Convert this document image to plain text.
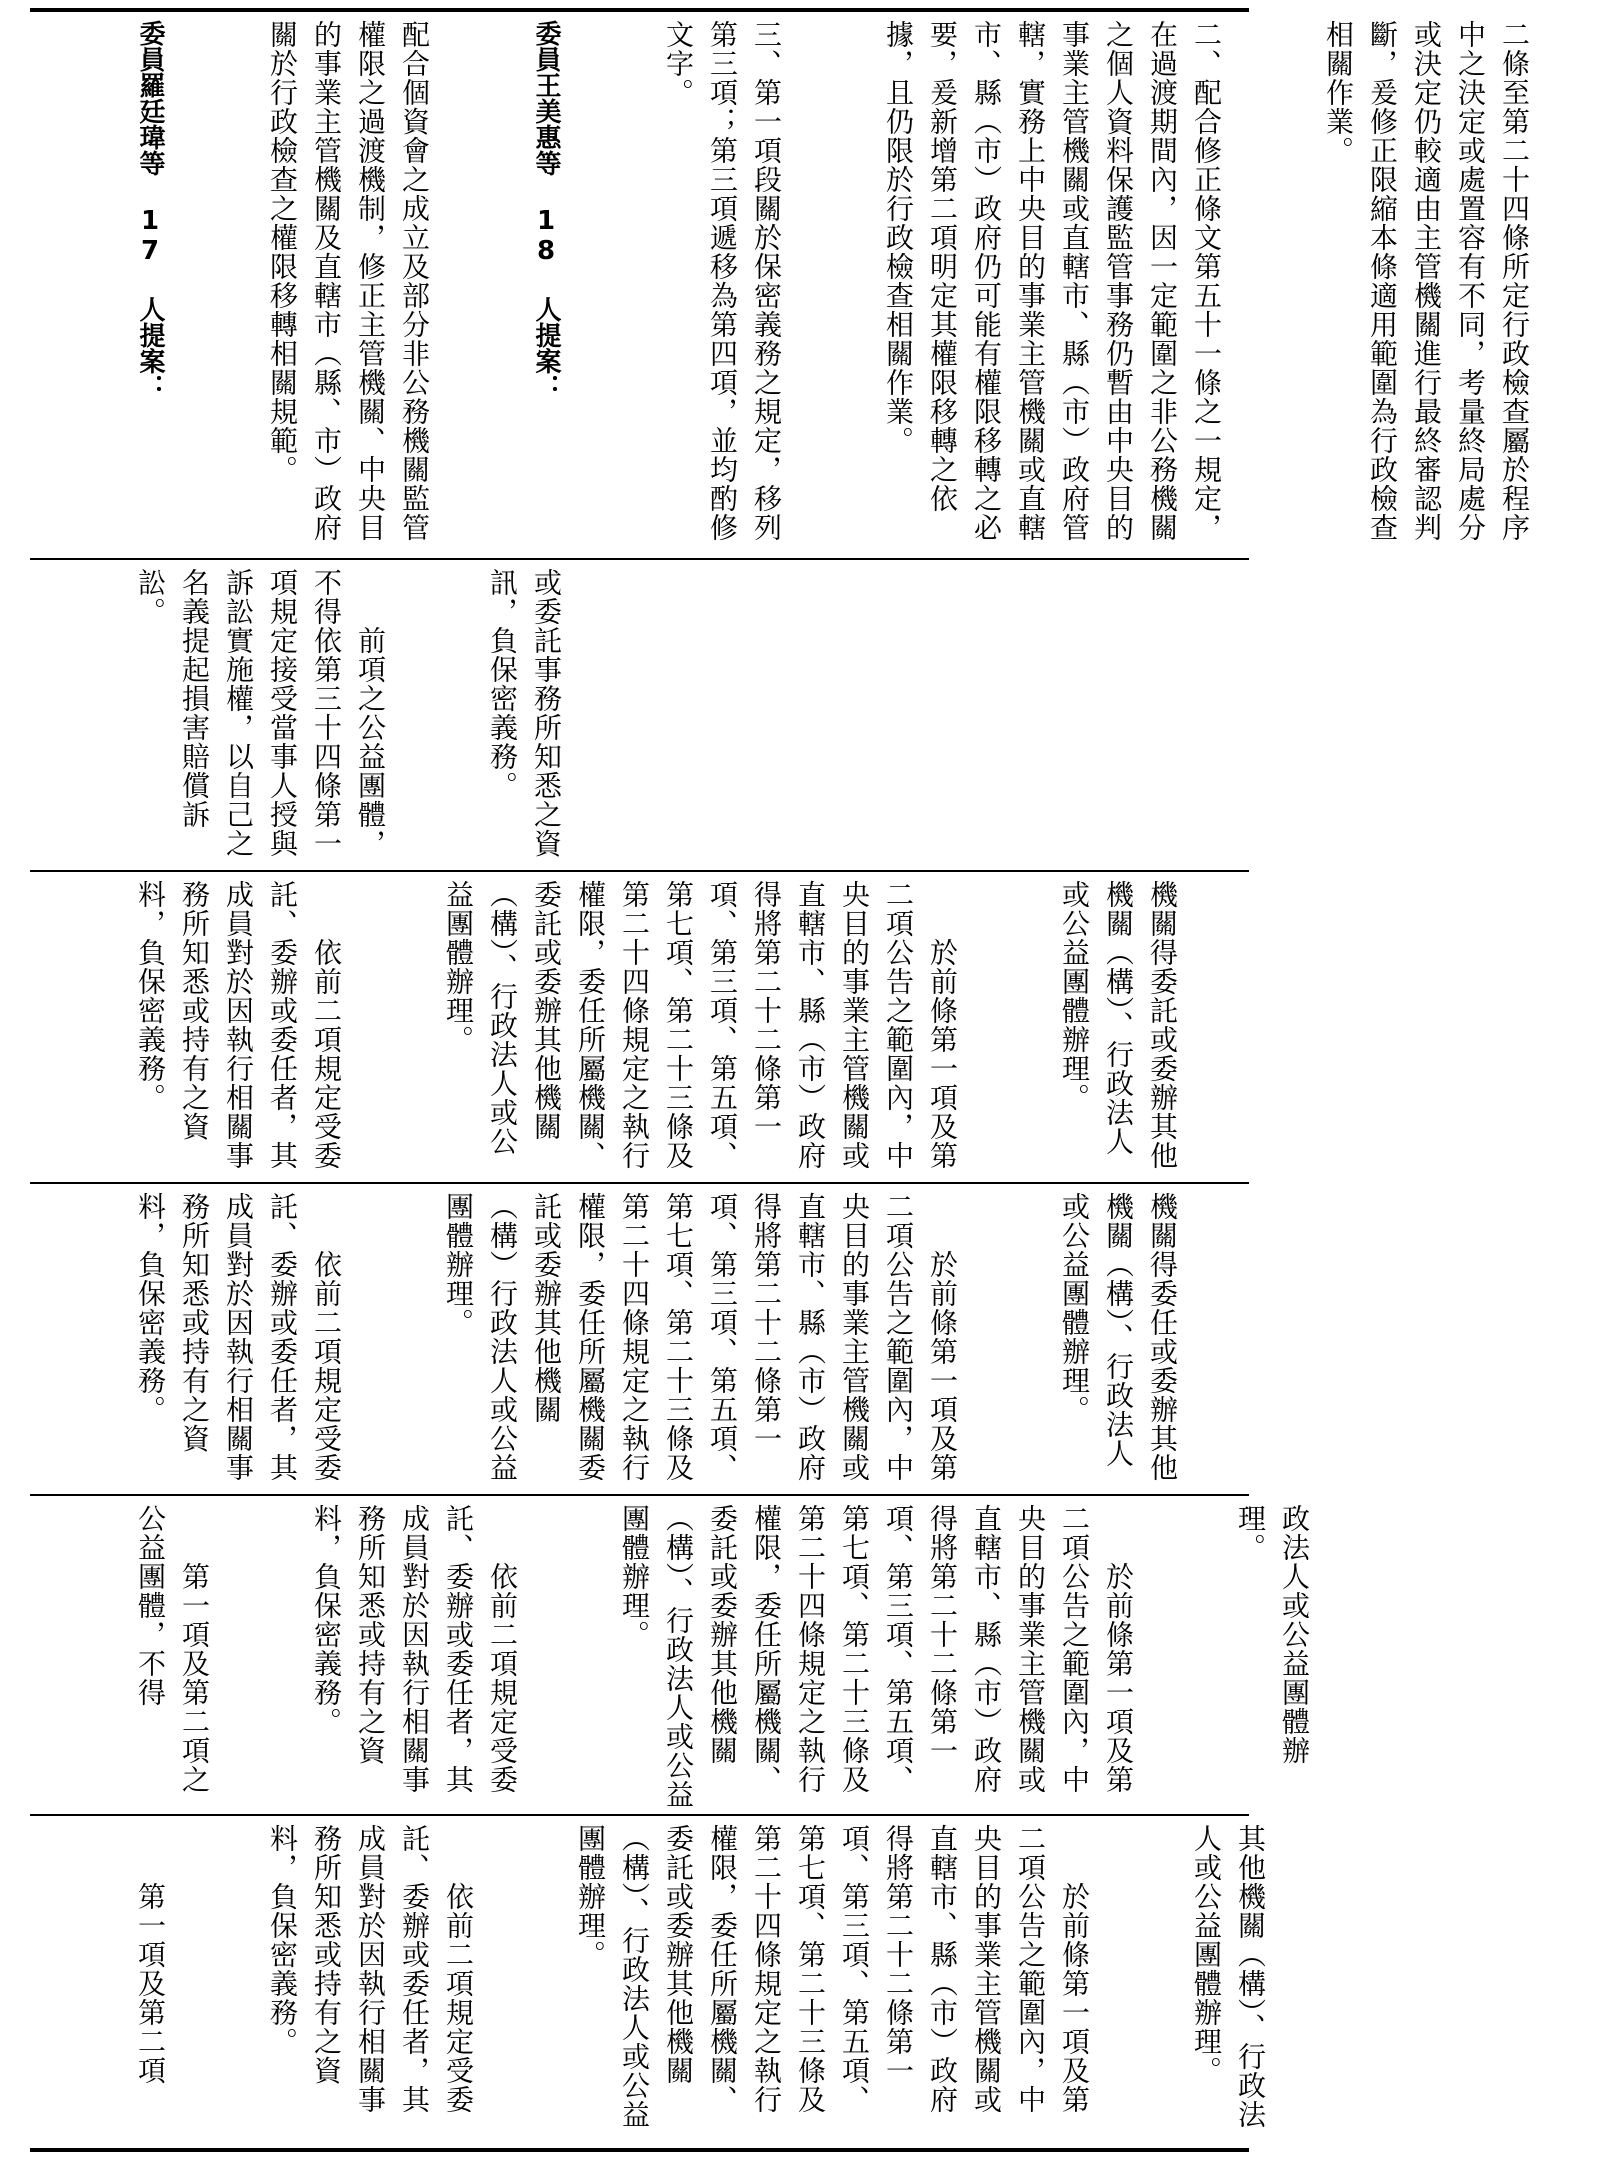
二條至第二十四條所定行政檢查屬於程序中之決定或處置容有不同，考量終局處分或決定仍較適由主管機關進行最終審認判斷，爰修正限縮本條適用範圍為行政檢查相關作業。

二、配合修正條文第五十一條之一規定，在過渡期間內，因一定範圍之非公務機關之個人資料保護監管事務仍暫由中央目的事業主管機關或直轄市、縣（市）政府管轄，實務上中央目的事業主管機關或直轄市、縣（市）政府仍可能有權限移轉之必要，爰新增第二項明定其權限移轉之依據，且仍限於行政檢查相關作業。

三、第一項段關於保密義務之規定，移列第三項；第三項遞移為第四項，並均酌修文字。

委員王美惠等 18 人提案：

配合個資會之成立及部分非公務機關監管權限之過渡機制，修正主管機關、中央目的事業主管機關及直轄市（縣、市）政府關於行政檢查之權限移轉相關規範。

委員羅廷瑋等 17 人提案：

或委託事務所知悉之資訊，負保密義務。

　　前項之公益團體，不得依第三十四條第一項規定接受當事人授與訴訟實施權，以自己之名義提起損害賠償訴訟。

機關得委託或委辦其他機關（構）、行政法人或公益團體辦理。

　　於前條第一項及第二項公告之範圍內，中央目的事業主管機關或直轄市、縣（市）政府得將第二十二條第一項、第三項、第五項、第七項、第二十三條及第二十四條規定之執行權限，委任所屬機關、委託或委辦其他機關（構）、行政法人或公益團體辦理。

　　依前二項規定受委託、委辦或委任者，其成員對於因執行相關事務所知悉或持有之資料，負保密義務。

機關得委任或委辦其他機關（構）、行政法人或公益團體辦理。

　　於前條第一項及第二項公告之範圍內，中央目的事業主管機關或直轄市、縣（市）政府得將第二十二條第一項、第三項、第五項、第七項、第二十三條及第二十四條規定之執行權限，委任所屬機關委託或委辦其他機關（構）行政法人或公益團體辦理。

　　依前二項規定受委託、委辦或委任者，其成員對於因執行相關事務所知悉或持有之資料，負保密義務。

政法人或公益團體辦理。

　　於前條第一項及第二項公告之範圍內，中央目的事業主管機關或直轄市、縣（市）政府得將第二十二條第一項、第三項、第五項、第七項、第二十三條及第二十四條規定之執行權限，委任所屬機關、委託或委辦其他機關（構）、行政法人或公益團體辦理。

　　依前二項規定受委託、委辦或委任者，其成員對於因執行相關事務所知悉或持有之資料，負保密義務。

　　第一項及第二項之公益團體，不得

其他機關（構）、行政法人或公益團體辦理。

　　於前條第一項及第二項公告之範圍內，中央目的事業主管機關或直轄市、縣（市）政府得將第二十二條第一項、第三項、第五項、第七項、第二十三條及第二十四條規定之執行權限，委任所屬機關、委託或委辦其他機關（構）、行政法人或公益團體辦理。

　　依前二項規定受委託、委辦或委任者，其成員對於因執行相關事務所知悉或持有之資料，負保密義務。

　　第一項及第二項
